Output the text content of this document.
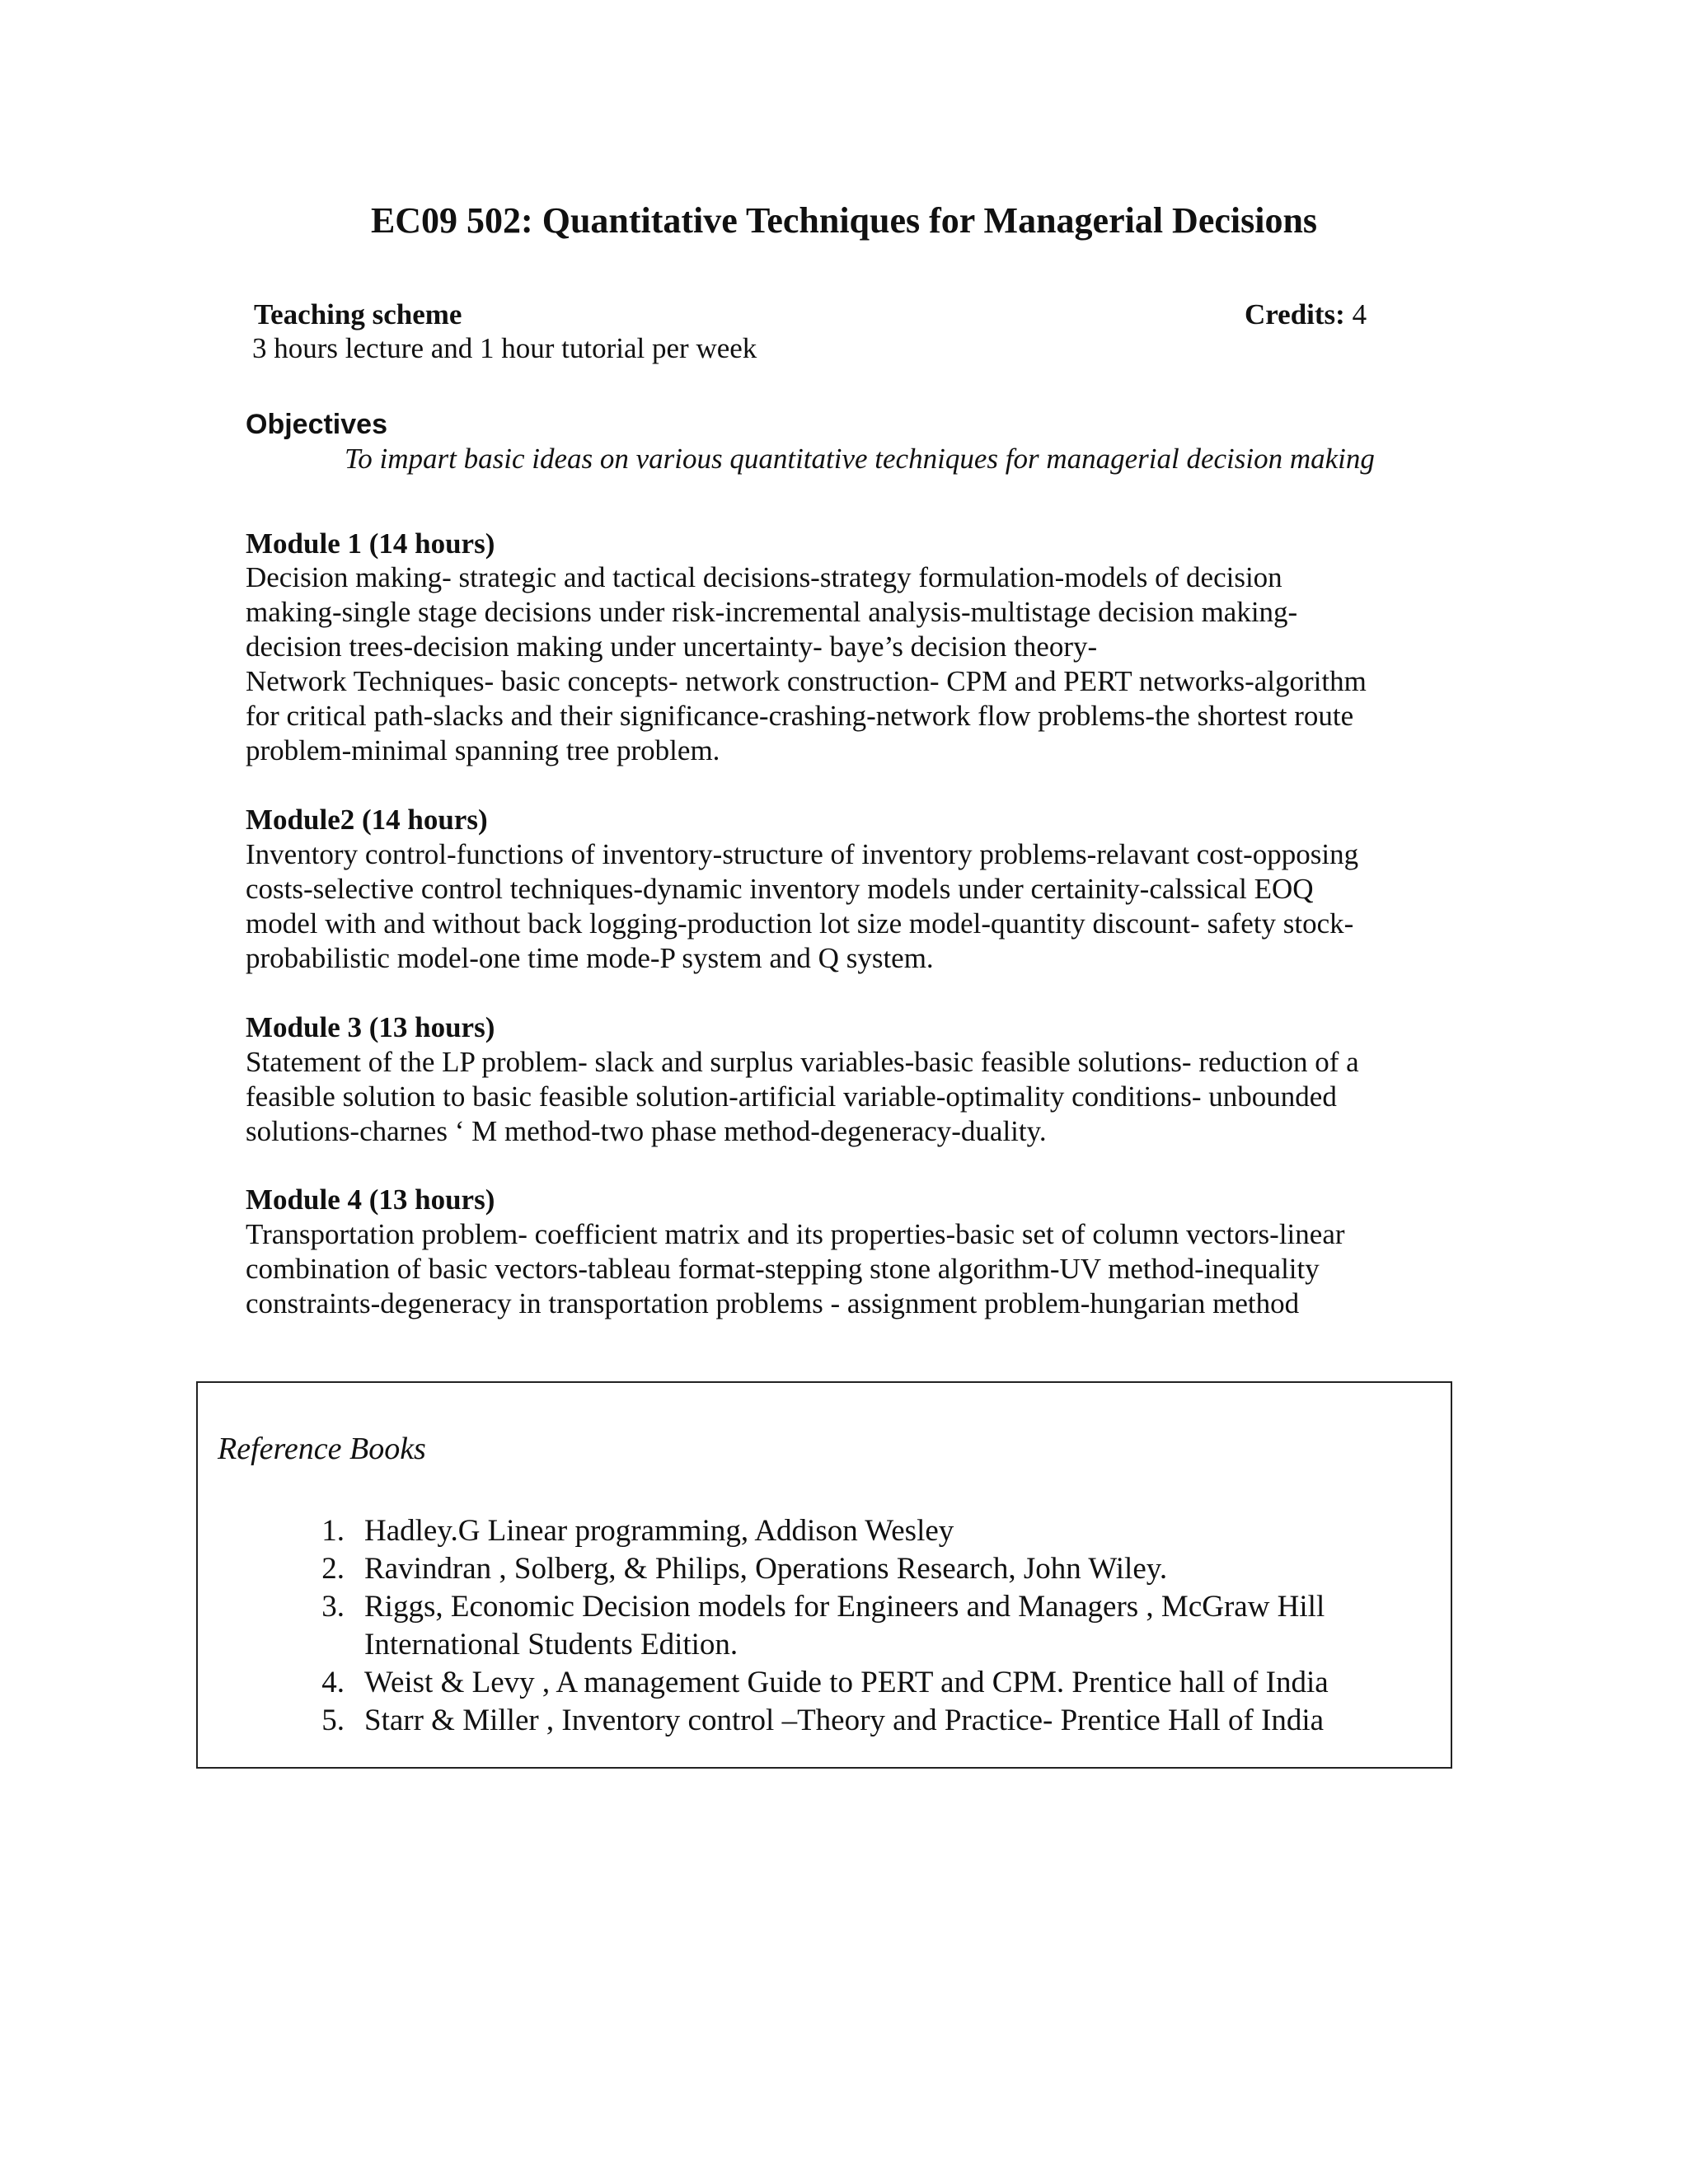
EC09 502: Quantitative Techniques for Managerial Decisions
Teaching scheme	Credits: 4
3 hours lecture and 1 hour tutorial per week
Objectives
To impart basic ideas on various quantitative techniques for managerial decision making
Module 1 (14 hours)
Decision making- strategic and tactical decisions-strategy formulation-models of decision
making-single stage decisions under risk-incremental analysis-multistage decision making-
decision trees-decision making under uncertainty- baye’s decision theory-
Network Techniques- basic concepts- network construction- CPM and PERT networks-algorithm
for critical path-slacks and their significance-crashing-network flow problems-the shortest route
problem-minimal spanning tree problem.
Module2 (14 hours)
Inventory control-functions of inventory-structure of inventory problems-relavant cost-opposing
costs-selective control techniques-dynamic inventory models under certainity-calssical EOQ
model with and without back logging-production lot size model-quantity discount- safety stock-
probabilistic model-one time mode-P system and Q system.
Module 3 (13 hours)
Statement of the LP problem- slack and surplus variables-basic feasible solutions- reduction of a
feasible solution to basic feasible solution-artificial variable-optimality conditions- unbounded
solutions-charnes ‘ M method-two phase method-degeneracy-duality.
Module 4 (13 hours)
Transportation problem- coefficient matrix and its properties-basic set of column vectors-linear
combination of basic vectors-tableau format-stepping stone algorithm-UV method-inequality
constraints-degeneracy in transportation problems - assignment problem-hungarian method
Reference Books
1. Hadley.G Linear programming, Addison Wesley
2. Ravindran , Solberg, & Philips, Operations Research, John Wiley.
3. Riggs, Economic Decision models for Engineers and Managers , McGraw Hill
International Students Edition.
4. Weist & Levy , A management Guide to PERT and CPM. Prentice hall of India
5. Starr & Miller , Inventory control –Theory and Practice- Prentice Hall of India
